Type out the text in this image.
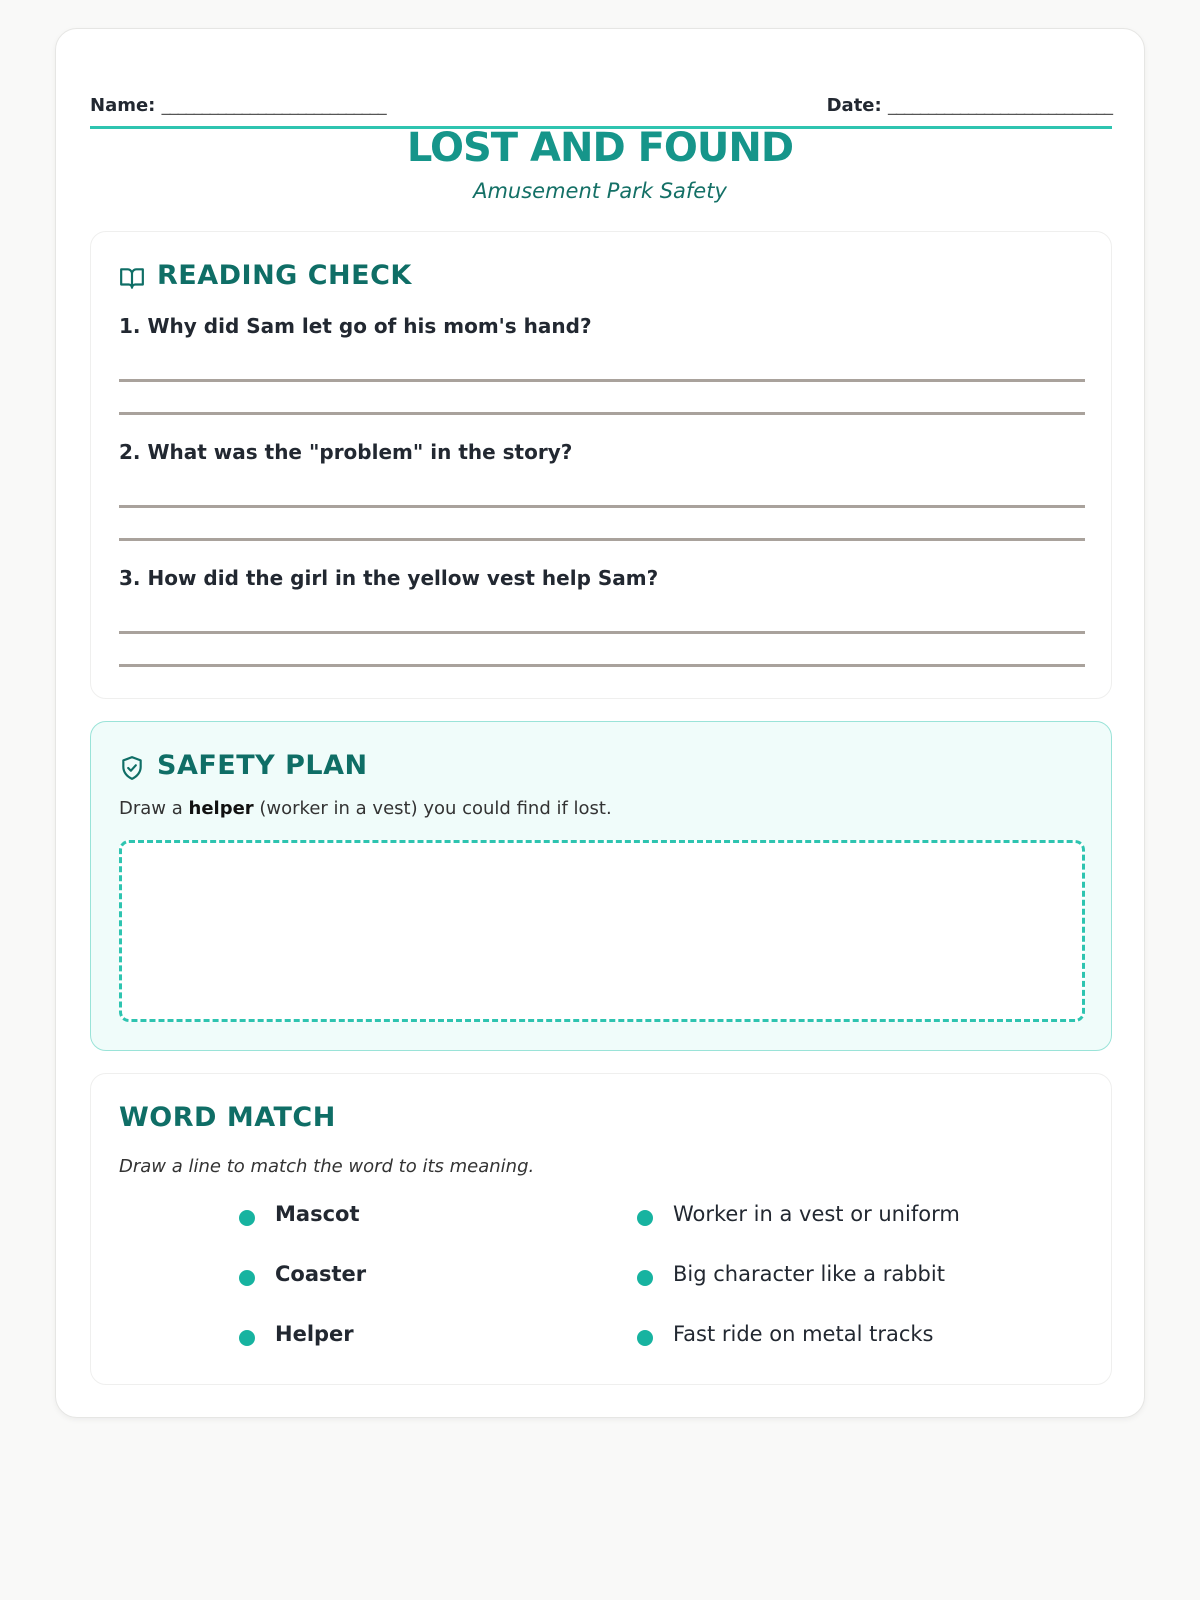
Name: ____________________________	Date: ____________________________
LOST AND FOUND
Amusement Park Safety
READING CHECK
1. Why did Sam let go of his mom's hand?
2. What was the "problem" in the story?
3. How did the girl in the yellow vest help Sam?
SAFETY PLAN
Draw a helper (worker in a vest) you could find if lost.
WORD MATCH
Draw a line to match the word to its meaning.
Mascot
Coaster
Helper
Worker in a vest or uniform
Big character like a rabbit
Fast ride on metal tracks
